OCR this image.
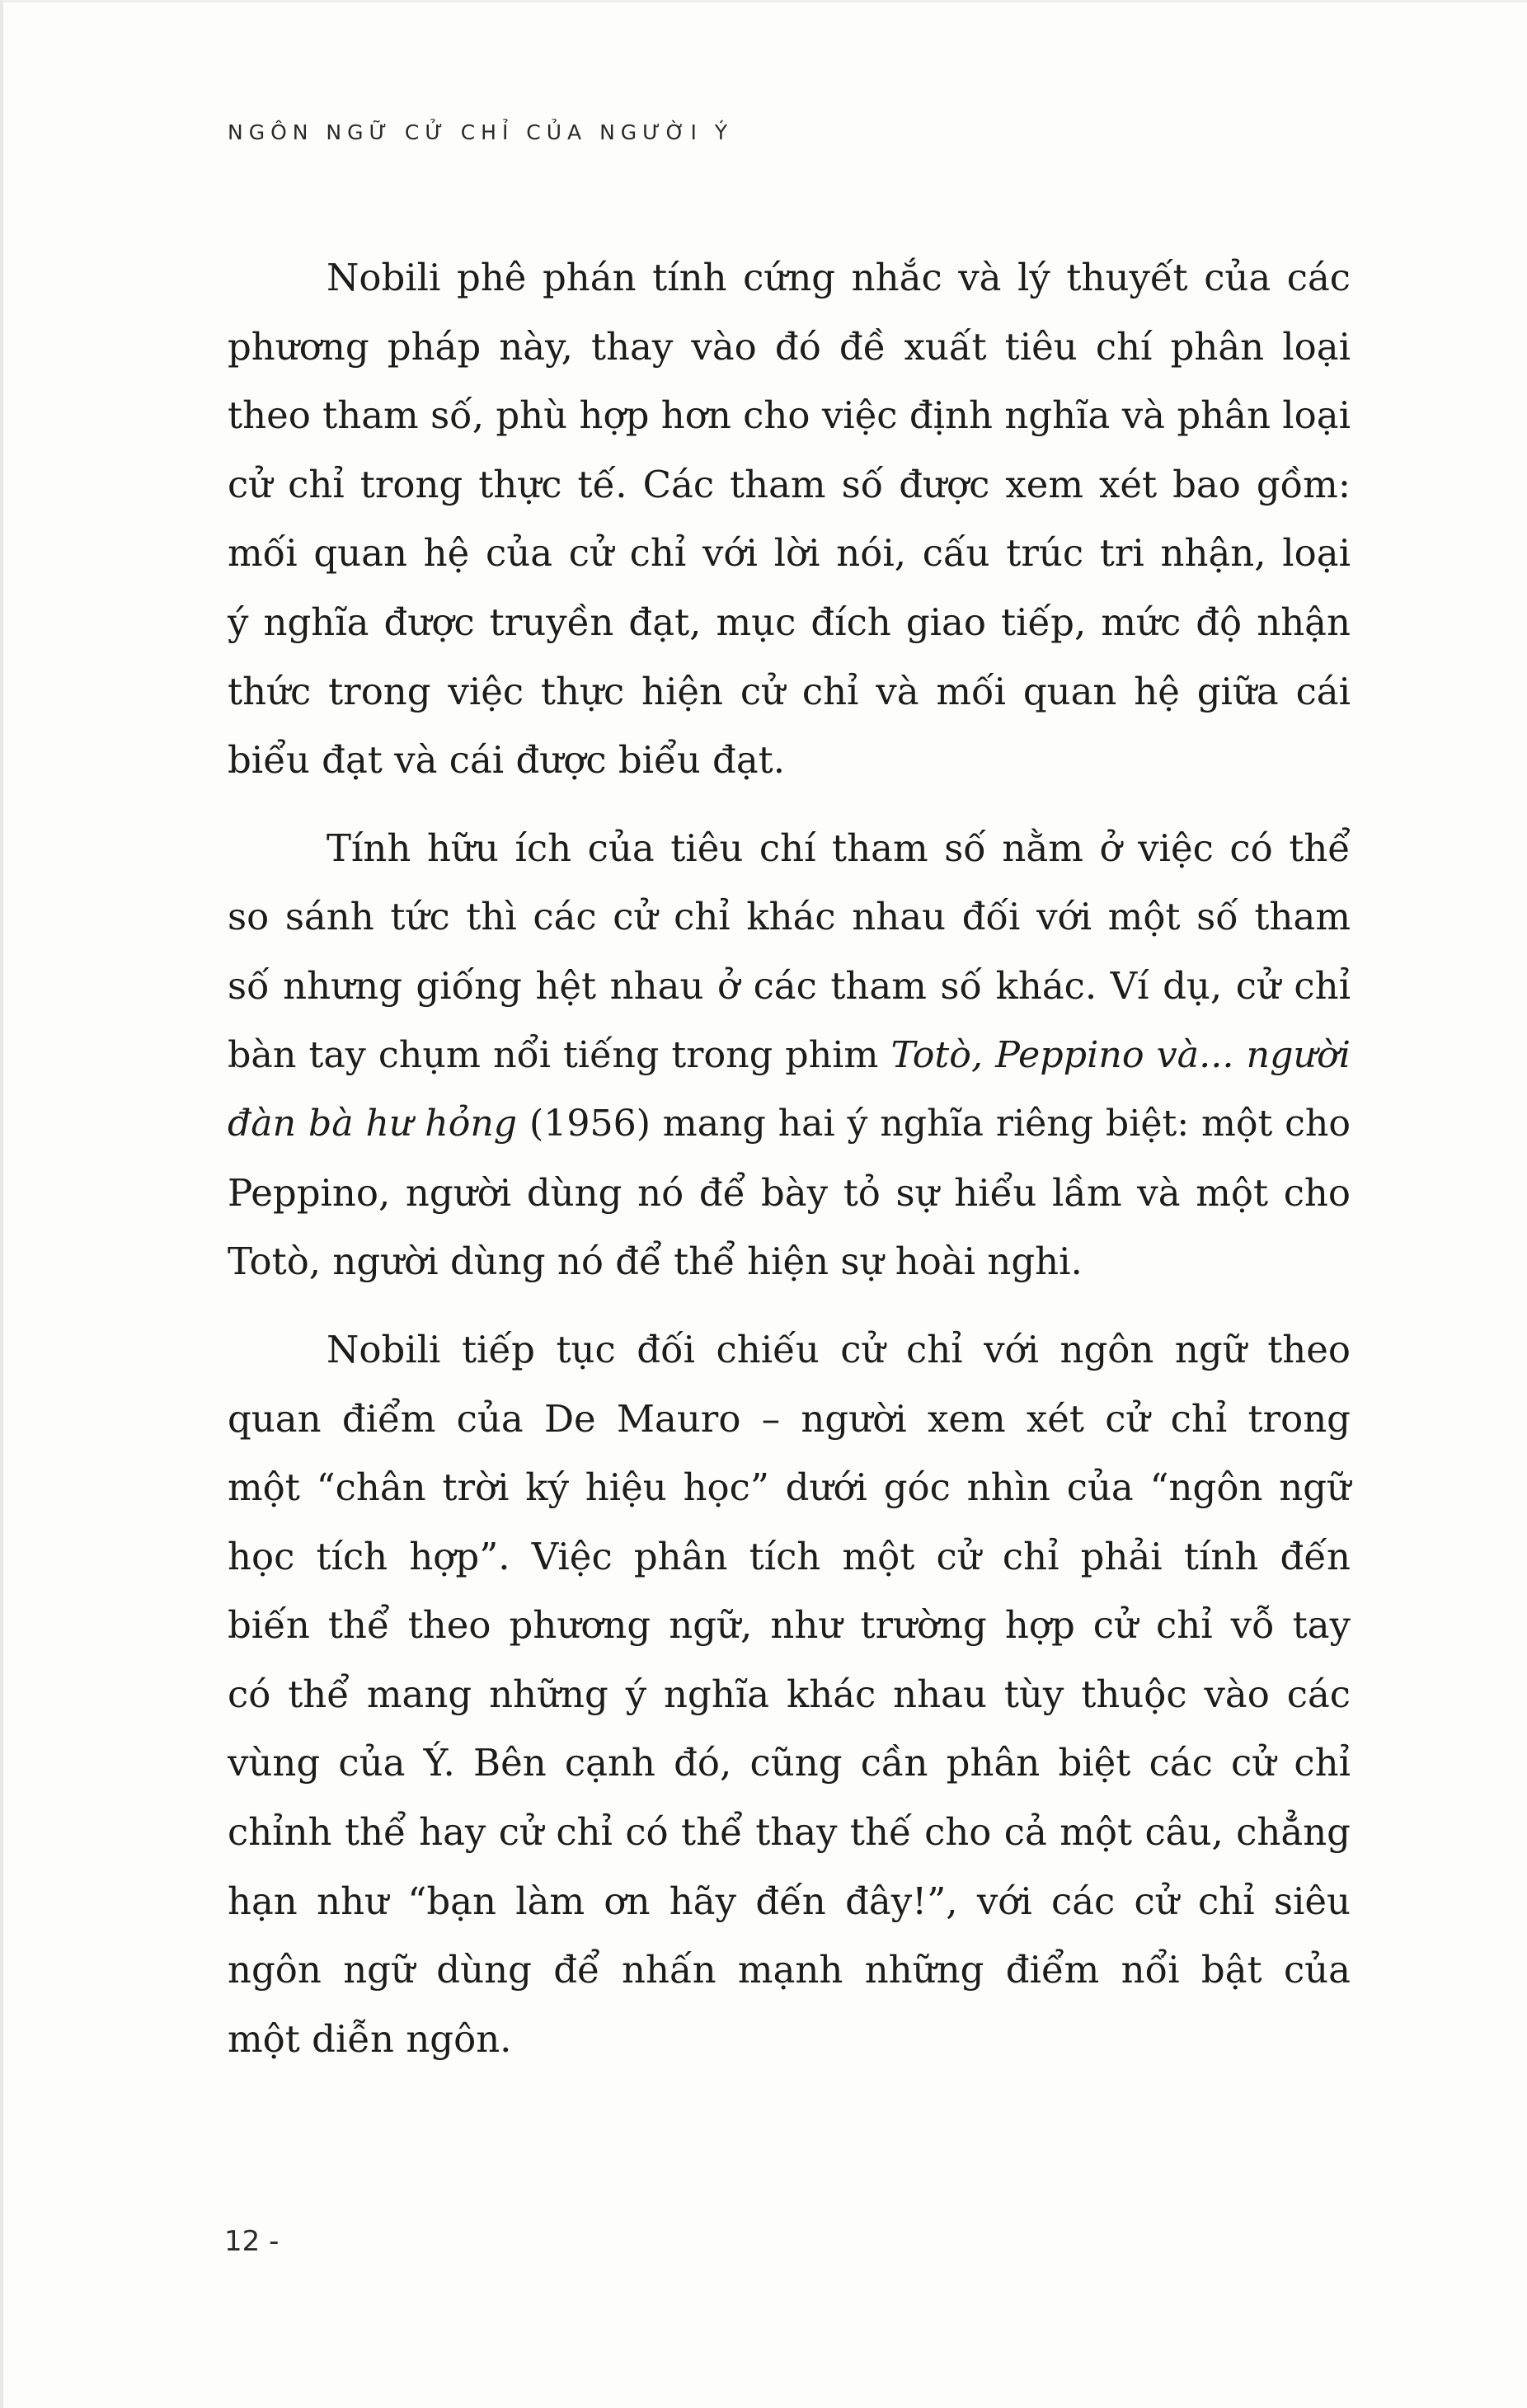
NGÔN NGỮ CỬ CHỈ CỦA NGƯỜI Ý
Nobili phê phán tính cứng nhắc và lý thuyết của các
phương pháp này, thay vào đó đề xuất tiêu chí phân loại
theo tham số, phù hợp hơn cho việc định nghĩa và phân loại
cử chỉ trong thực tế. Các tham số được xem xét bao gồm:
mối quan hệ của cử chỉ với lời nói, cấu trúc tri nhận, loại
ý nghĩa được truyền đạt, mục đích giao tiếp, mức độ nhận
thức trong việc thực hiện cử chỉ và mối quan hệ giữa cái
biểu đạt và cái được biểu đạt.
Tính hữu ích của tiêu chí tham số nằm ở việc có thể
so sánh tức thì các cử chỉ khác nhau đối với một số tham
số nhưng giống hệt nhau ở các tham số khác. Ví dụ, cử chỉ
bàn tay chụm nổi tiếng trong phim Totò, Peppino và... người
đàn bà hư hỏng (1956) mang hai ý nghĩa riêng biệt: một cho
Peppino, người dùng nó để bày tỏ sự hiểu lầm và một cho
Totò, người dùng nó để thể hiện sự hoài nghi.
Nobili tiếp tục đối chiếu cử chỉ với ngôn ngữ theo
quan điểm của De Mauro – người xem xét cử chỉ trong
một “chân trời ký hiệu học” dưới góc nhìn của “ngôn ngữ
học tích hợp”. Việc phân tích một cử chỉ phải tính đến
biến thể theo phương ngữ, như trường hợp cử chỉ vỗ tay
có thể mang những ý nghĩa khác nhau tùy thuộc vào các
vùng của Ý. Bên cạnh đó, cũng cần phân biệt các cử chỉ
chỉnh thể hay cử chỉ có thể thay thế cho cả một câu, chẳng
hạn như “bạn làm ơn hãy đến đây!”, với các cử chỉ siêu
ngôn ngữ dùng để nhấn mạnh những điểm nổi bật của
một diễn ngôn.
12 -
